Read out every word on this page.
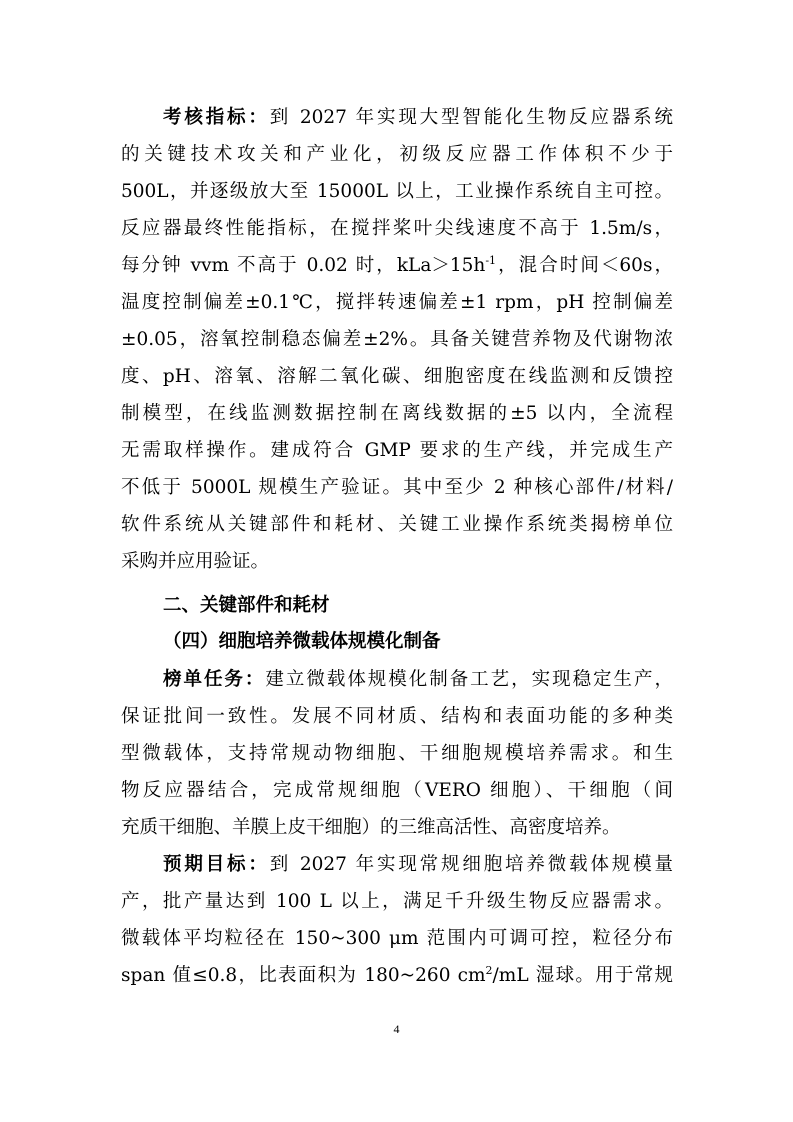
考核指标：到 2027 年实现大型智能化生物反应器系统
的关键技术攻关和产业化，初级反应器工作体积不少于
500L，并逐级放大至 15000L 以上，工业操作系统自主可控。
反应器最终性能指标，在搅拌桨叶尖线速度不高于 1.5m/s，
每分钟 vvm 不高于 0.02 时，$kLa>15h^{-1}$，混合时间＜60s，
温度控制偏差±0.1℃，搅拌转速偏差±1 rpm，pH 控制偏差
±0.05，溶氧控制稳态偏差±2%。具备关键营养物及代谢物浓
度、pH、溶氧、溶解二氧化碳、细胞密度在线监测和反馈控
制模型，在线监测数据控制在离线数据的±5 以内，全流程
无需取样操作。建成符合 GMP 要求的生产线，并完成生产
不低于 5000L 规模生产验证。其中至少 2 种核心部件/材料/
软件系统从关键部件和耗材、关键工业操作系统类揭榜单位
采购并应用验证。
二、关键部件和耗材
（四）细胞培养微载体规模化制备
榜单任务：建立微载体规模化制备工艺，实现稳定生产，
保证批间一致性。发展不同材质、结构和表面功能的多种类
型微载体，支持常规动物细胞、干细胞规模培养需求。和生
物反应器结合，完成常规细胞（VERO 细胞）、干细胞（间
充质干细胞、羊膜上皮干细胞）的三维高活性、高密度培养。
预期目标：到 2027 年实现常规细胞培养微载体规模量
产，批产量达到 100 L 以上，满足千升级生物反应器需求。
微载体平均粒径在 150~300 μm 范围内可调可控，粒径分布
span 值≤0.8，比表面积为 180~260 $cm^2/mL$ 湿球。用于常规
4
